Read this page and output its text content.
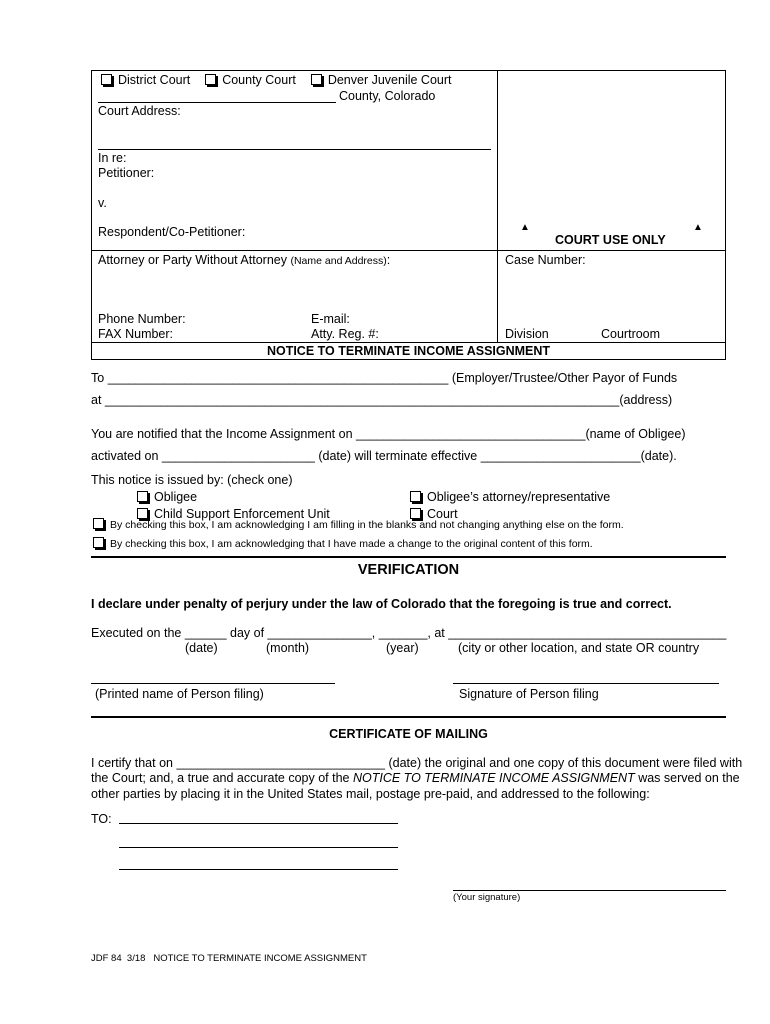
District Court	County Court	Denver Juvenile Court
County, Colorado
Court Address:
In re:
Petitioner:
v.
Respondent/Co-Petitioner:	▲
COURT USE ONLY
▲
Attorney or Party Without Attorney (Name and Address):	Case Number:
Phone Number:	E-mail:
FAX Number:	Atty. Reg. #:	Division	Courtroom
NOTICE TO TERMINATE INCOME ASSIGNMENT
To _________________________________________________ (Employer/Trustee/Other Payor of Funds
at __________________________________________________________________________(address)
You are notified that the Income Assignment on _________________________________(name of Obligee)
activated on ______________________ (date) will terminate effective _______________________(date).
This notice is issued by: (check one)
Obligee	Obligee’s attorney/representative
Child Support Enforcement Unit	Court
By checking this box, I am acknowledging I am filling in the blanks and not changing anything else on the form.
By checking this box, I am acknowledging that I have made a change to the original content of this form.
VERIFICATION
I declare under penalty of perjury under the law of Colorado that the foregoing is true and correct.
Executed on the ______ day of _______________, _______, at ________________________________________
(date)	(month)	(year)	(city or other location, and state OR country
(Printed name of Person filing)	Signature of Person filing
CERTIFICATE OF MAILING
I certify that on ______________________________ (date) the original and one copy of this document were filed with
the Court; and, a true and accurate copy of the NOTICE TO TERMINATE INCOME ASSIGNMENT was served on the
other parties by placing it in the United States mail, postage pre-paid, and addressed to the following:
TO:
(Your signature)
JDF 84 3/18 NOTICE TO TERMINATE INCOME ASSIGNMENT
